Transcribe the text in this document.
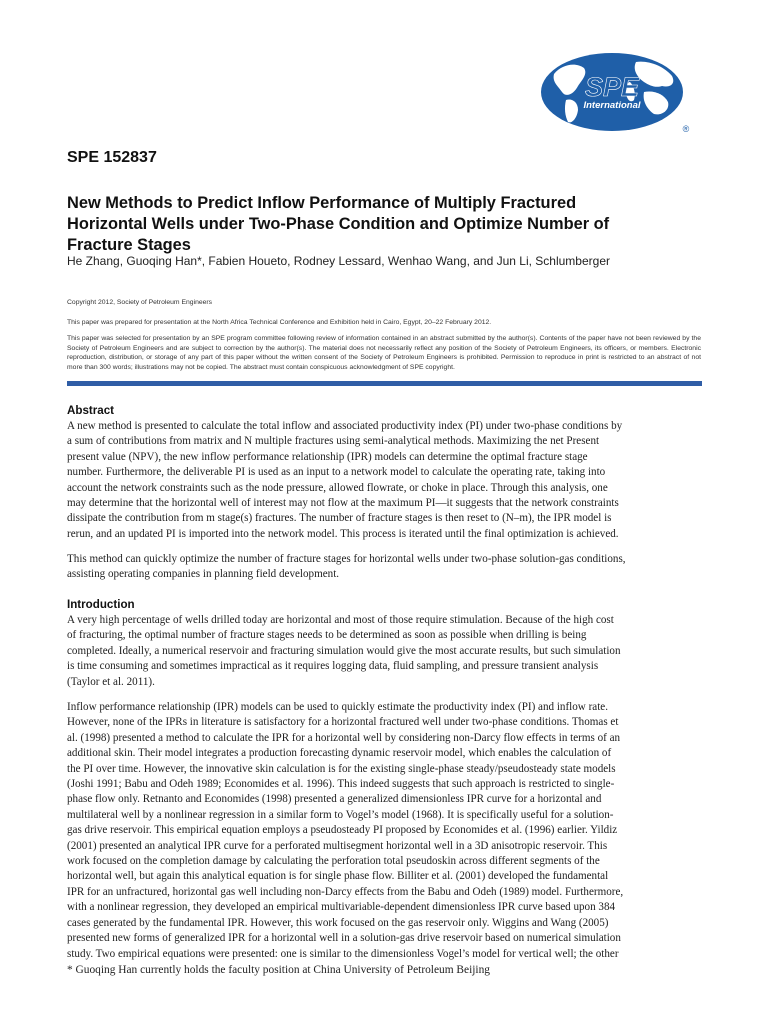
SPE
International
®
SPE 152837
New Methods to Predict Inflow Performance of Multiply Fractured
Horizontal Wells under Two-Phase Condition and Optimize Number of
Fracture Stages
He Zhang, Guoqing Han*, Fabien Houeto, Rodney Lessard, Wenhao Wang, and Jun Li, Schlumberger
Copyright 2012, Society of Petroleum Engineers
This paper was prepared for presentation at the North Africa Technical Conference and Exhibition held in Cairo, Egypt, 20–22 February 2012.
This paper was selected for presentation by an SPE program committee following review of information contained in an abstract submitted by the author(s). Contents of the paper have not been reviewed by the Society of Petroleum Engineers and are subject to correction by the author(s). The material does not necessarily reflect any position of the Society of Petroleum Engineers, its officers, or members. Electronic reproduction, distribution, or storage of any part of this paper without the written consent of the Society of Petroleum Engineers is prohibited. Permission to reproduce in print is restricted to an abstract of not more than 300 words; illustrations may not be copied. The abstract must contain conspicuous acknowledgment of SPE copyright.
Abstract
A new method is presented to calculate the total inflow and associated productivity index (PI) under two-phase conditions by
a sum of contributions from matrix and N multiple fractures using semi-analytical methods. Maximizing the net Present
present value (NPV), the new inflow performance relationship (IPR) models can determine the optimal fracture stage
number. Furthermore, the deliverable PI is used as an input to a network model to calculate the operating rate, taking into
account the network constraints such as the node pressure, allowed flowrate, or choke in place. Through this analysis, one
may determine that the horizontal well of interest may not flow at the maximum PI—it suggests that the network constraints
dissipate the contribution from m stage(s) fractures. The number of fracture stages is then reset to (N–m), the IPR model is
rerun, and an updated PI is imported into the network model. This process is iterated until the final optimization is achieved.
This method can quickly optimize the number of fracture stages for horizontal wells under two-phase solution-gas conditions,
assisting operating companies in planning field development.
Introduction
A very high percentage of wells drilled today are horizontal and most of those require stimulation. Because of the high cost
of fracturing, the optimal number of fracture stages needs to be determined as soon as possible when drilling is being
completed. Ideally, a numerical reservoir and fracturing simulation would give the most accurate results, but such simulation
is time consuming and sometimes impractical as it requires logging data, fluid sampling, and pressure transient analysis
(Taylor et al. 2011).
Inflow performance relationship (IPR) models can be used to quickly estimate the productivity index (PI) and inflow rate.
However, none of the IPRs in literature is satisfactory for a horizontal fractured well under two-phase conditions. Thomas et
al. (1998) presented a method to calculate the IPR for a horizontal well by considering non-Darcy flow effects in terms of an
additional skin. Their model integrates a production forecasting dynamic reservoir model, which enables the calculation of
the PI over time. However, the innovative skin calculation is for the existing single-phase steady/pseudosteady state models
(Joshi 1991; Babu and Odeh 1989; Economides et al. 1996). This indeed suggests that such approach is restricted to single-
phase flow only. Retnanto and Economides (1998) presented a generalized dimensionless IPR curve for a horizontal and
multilateral well by a nonlinear regression in a similar form to Vogel’s model (1968). It is specifically useful for a solution-
gas drive reservoir. This empirical equation employs a pseudosteady PI proposed by Economides et al. (1996) earlier. Yildiz
(2001) presented an analytical IPR curve for a perforated multisegment horizontal well in a 3D anisotropic reservoir. This
work focused on the completion damage by calculating the perforation total pseudoskin across different segments of the
horizontal well, but again this analytical equation is for single phase flow. Billiter et al. (2001) developed the fundamental
IPR for an unfractured, horizontal gas well including non-Darcy effects from the Babu and Odeh (1989) model. Furthermore,
with a nonlinear regression, they developed an empirical multivariable-dependent dimensionless IPR curve based upon 384
cases generated by the fundamental IPR. However, this work focused on the gas reservoir only. Wiggins and Wang (2005)
presented new forms of generalized IPR for a horizontal well in a solution-gas drive reservoir based on numerical simulation
study. Two empirical equations were presented: one is similar to the dimensionless Vogel’s model for vertical well; the other
* Guoqing Han currently holds the faculty position at China University of Petroleum Beijing
